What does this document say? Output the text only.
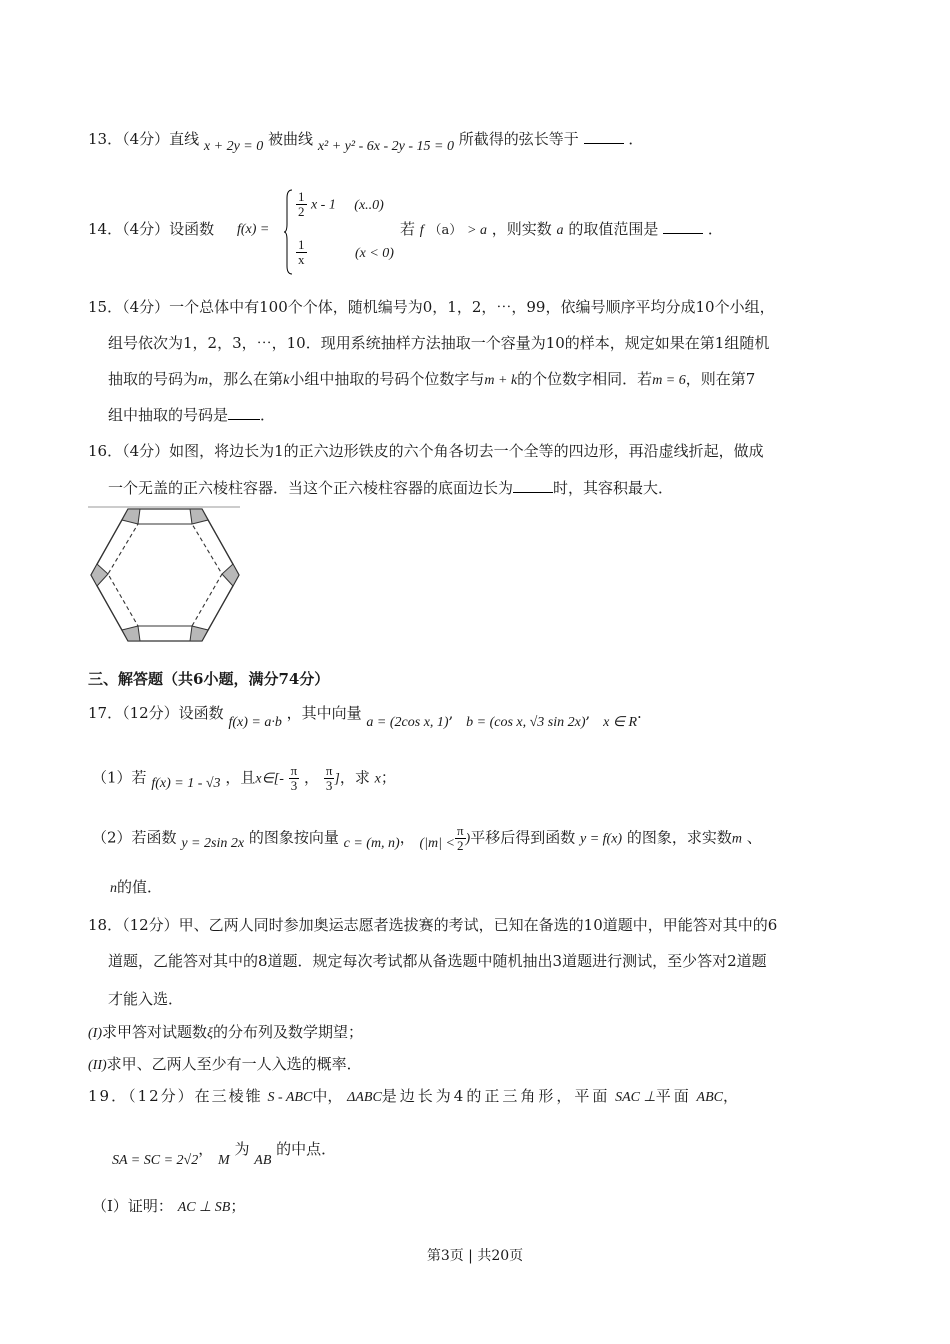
13．（4分）直线 x + 2y = 0 被曲线 x² + y² - 6x - 2y - 15 = 0 所截得的弦长等于	．
14．（4分）设函数 f(x) =
$\frac{1}{2}$ x - 1 (x..0)
$\frac{1}{x}$	(x < 0)
若 f （a） > a ，则实数 a 的取值范围是	．
15．（4分）一个总体中有100个个体，随机编号为0，1，2，⋯，99，依编号顺序平均分成10个小组，
组号依次为1，2，3，⋯，10．现用系统抽样方法抽取一个容量为10的样本，规定如果在第1组随机
抽取的号码为m，那么在第k小组中抽取的号码个位数字与m + k的个位数字相同．若m = 6，则在第7
组中抽取的号码是 ．
16．（4分）如图，将边长为1的正六边形铁皮的六个角各切去一个全等的四边形，再沿虚线折起，做成
一个无盖的正六棱柱容器．当这个正六棱柱容器的底面边长为	时，其容积最大．
三、解答题（共6小题，满分74分）
17．（12分）设函数 f(x) = a·b ，其中向量 a = (2cos x, 1), b = (cos x, √3 sin 2x), x ∈ R.
（1）若 f(x) = 1 - √3 ，且x∈[- $\frac{\pi}{3}$ ， $\frac{\pi}{3}$ ]，求 x；
（2）若函数 y = 2sin 2x 的图象按向量 c = (m, n)， ($|m| < \frac{\pi}{2}$ )平移后得到函数 y = f(x) 的图象，求实数m 、
n的值．
18．（12分）甲、乙两人同时参加奥运志愿者选拔赛的考试，已知在备选的10道题中，甲能答对其中的6
道题，乙能答对其中的8道题．规定每次考试都从备选题中随机抽出3道题进行测试，至少答对2道题
才能入选．
(I)求甲答对试题数ξ的分布列及数学期望；
(II)求甲、乙两人至少有一人入选的概率．
19．（12分）在三棱锥 S - ABC中， ΔABC是边长为4的正三角形，平面 SAC ⊥平面 ABC，
SA = SC = 2√2， M 为 AB 的中点．
（Ⅰ）证明： AC ⊥ SB；
第3页 | 共20页
